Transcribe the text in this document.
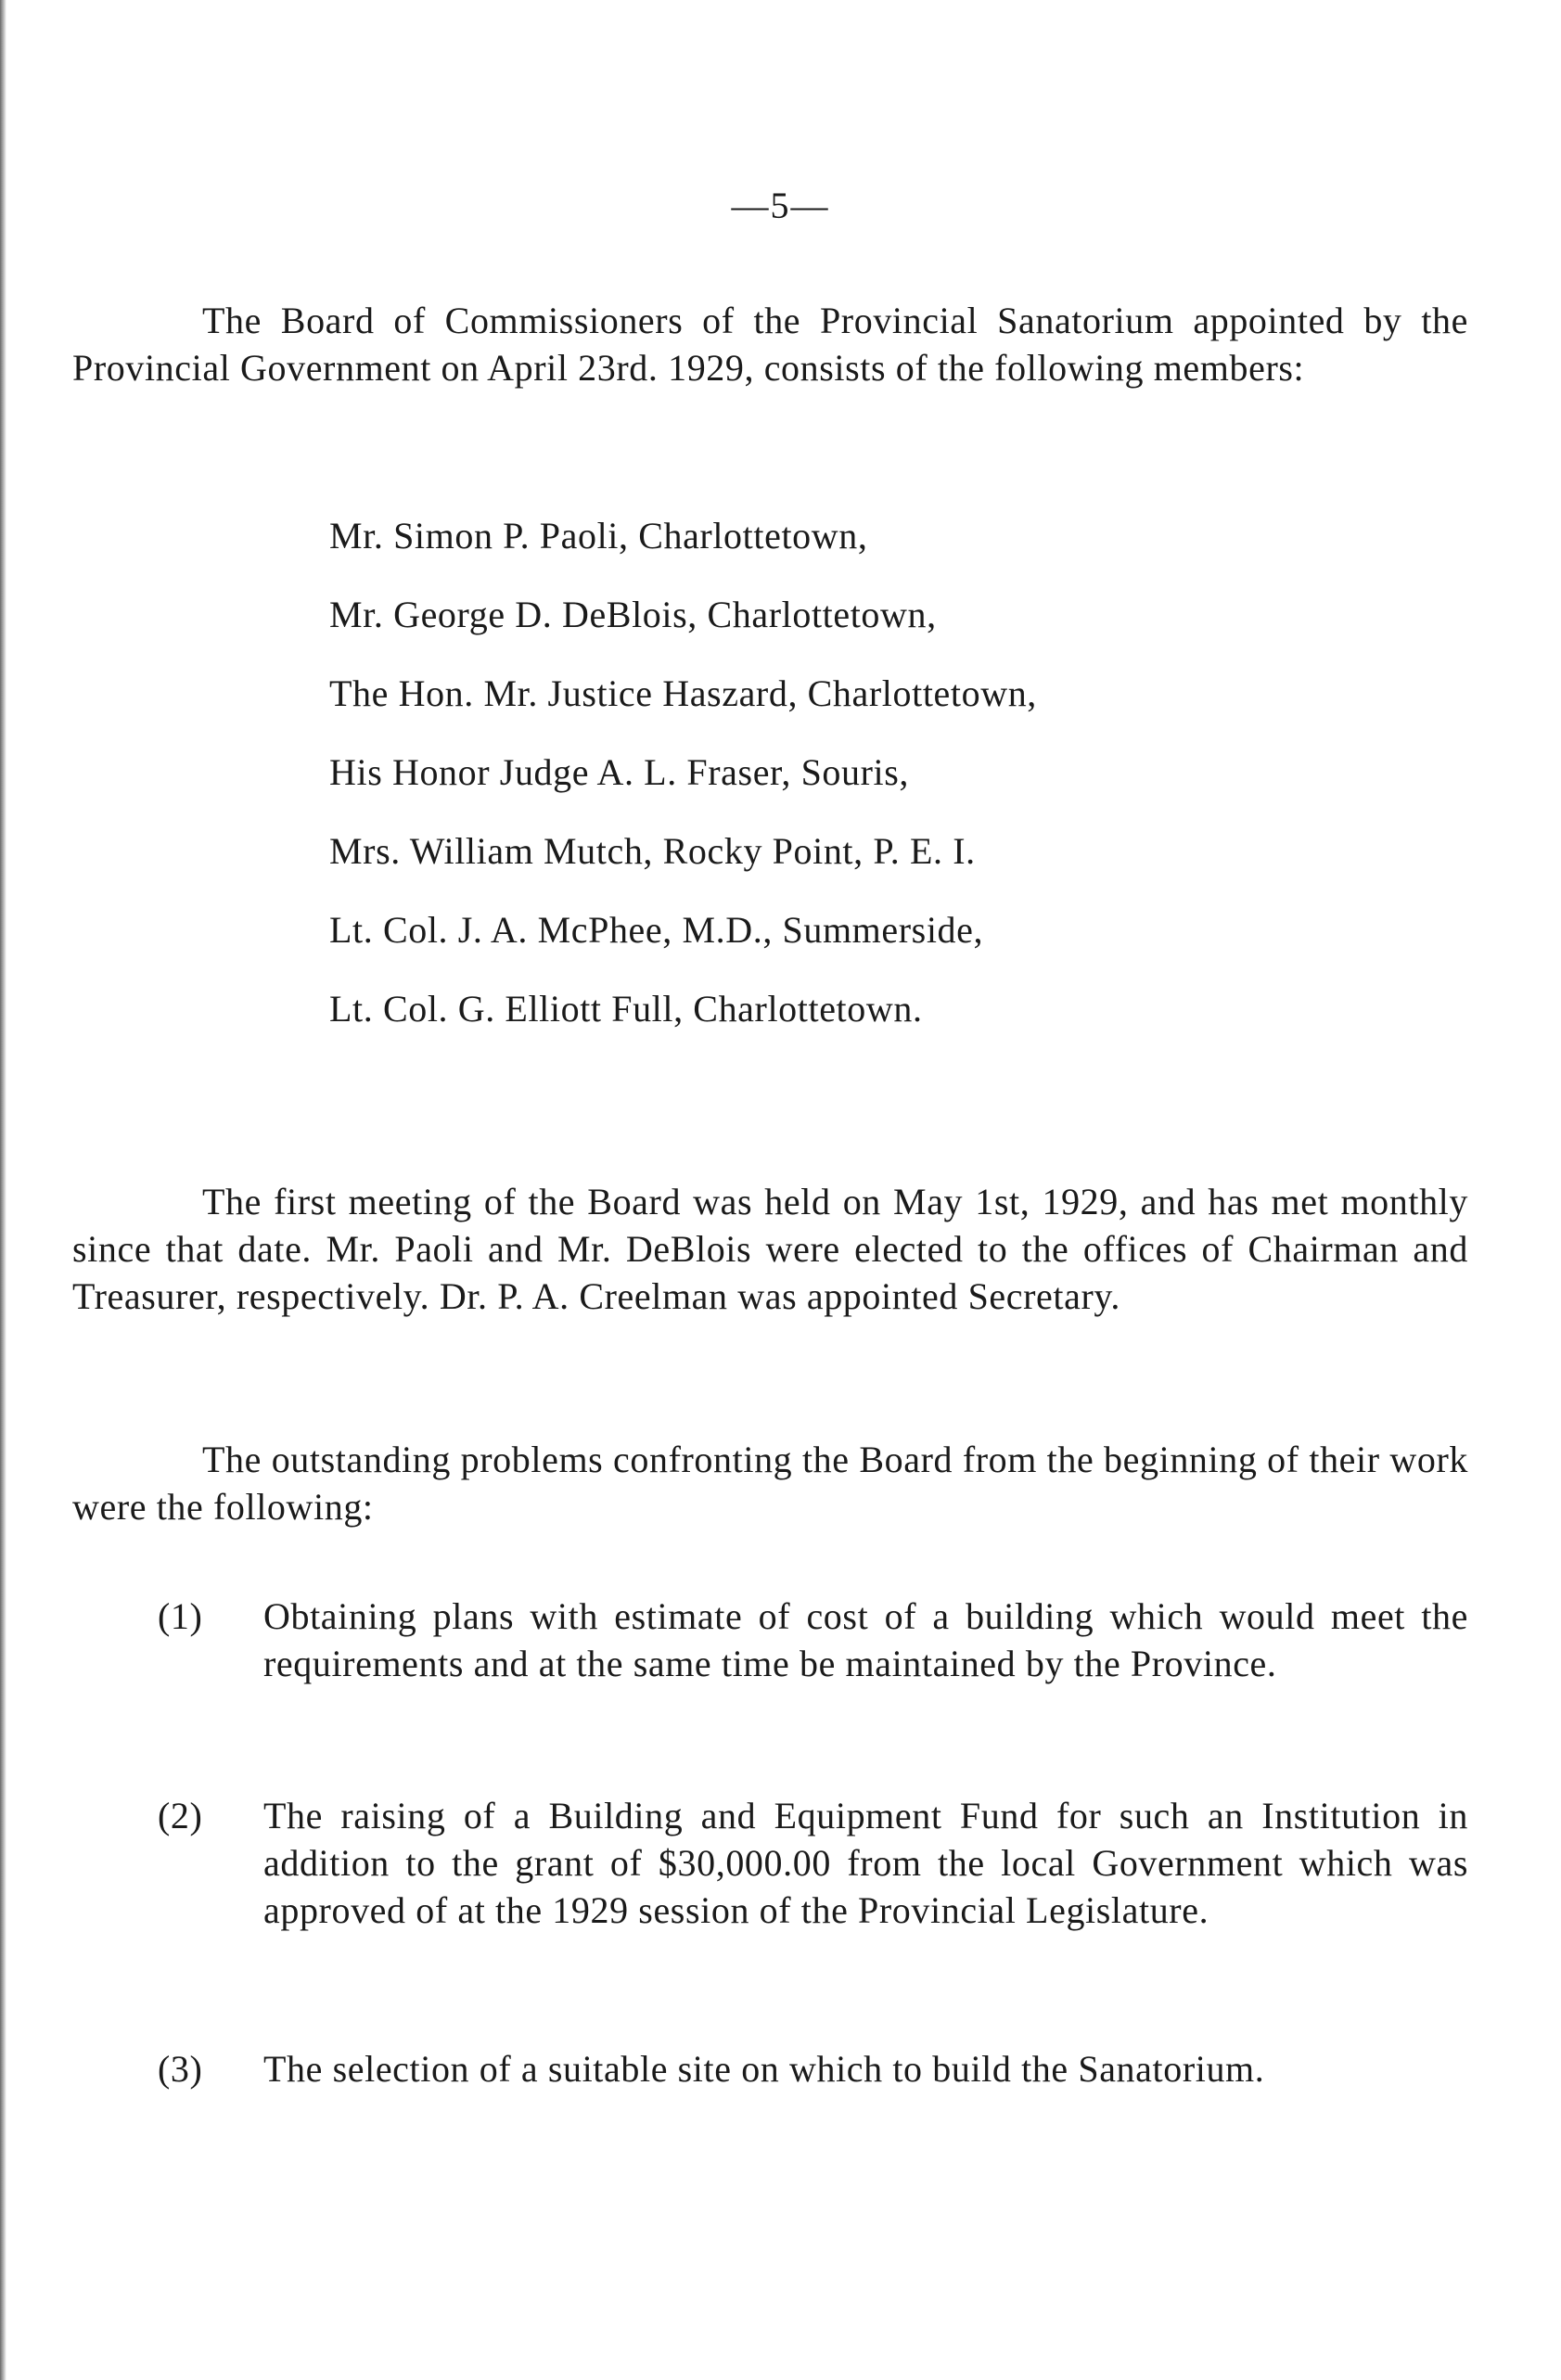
—5—

The Board of Commissioners of the Provincial Sanatorium appointed by the Provincial Government on April 23rd. 1929, consists of the following members:

Mr. Simon P. Paoli, Charlottetown,
Mr. George D. DeBlois, Charlottetown,
The Hon. Mr. Justice Haszard, Charlottetown,
His Honor Judge A. L. Fraser, Souris,
Mrs. William Mutch, Rocky Point, P. E. I.
Lt. Col. J. A. McPhee, M.D., Summerside,
Lt. Col. G. Elliott Full, Charlottetown.

The first meeting of the Board was held on May 1st, 1929, and has met monthly since that date. Mr. Paoli and Mr. DeBlois were elected to the offices of Chairman and Treasurer, respectively. Dr. P. A. Creelman was appointed Secretary.

The outstanding problems confronting the Board from the beginning of their work were the following:

(1) Obtaining plans with estimate of cost of a building which would meet the requirements and at the same time be maintained by the Province.
(2) The raising of a Building and Equipment Fund for such an Institution in addition to the grant of $30,000.00 from the local Government which was approved of at the 1929 session of the Provincial Legislature.
(3) The selection of a suitable site on which to build the Sanatorium.
